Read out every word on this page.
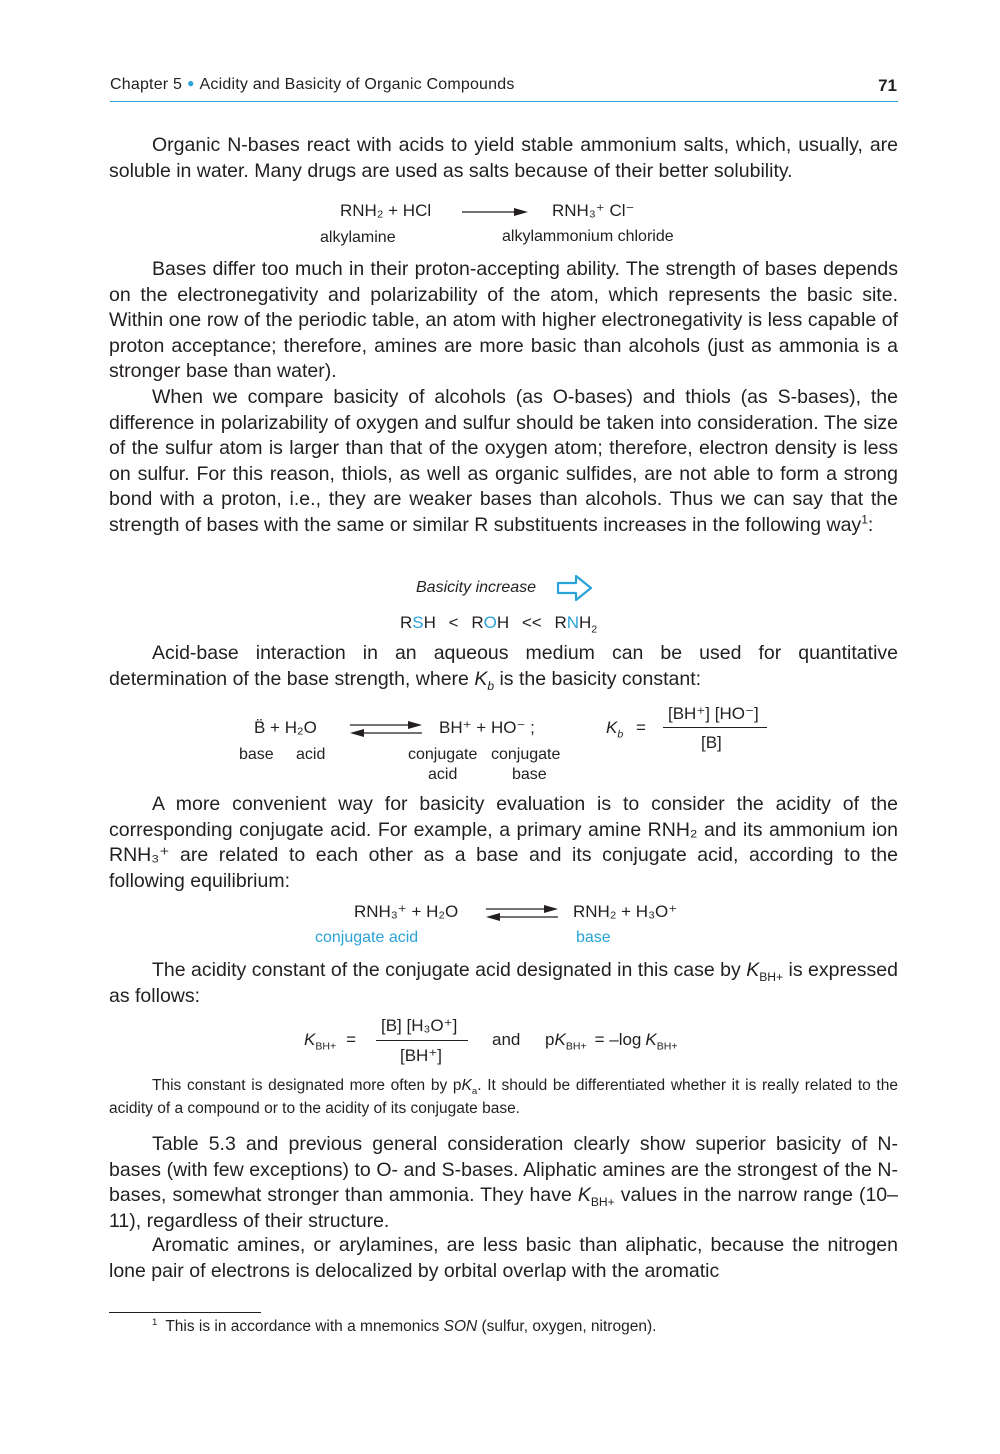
Chapter 5 ● Acidity and Basicity of Organic Compounds	71
Organic N-bases react with acids to yield stable ammonium salts, which, usually, are soluble in water. Many drugs are used as salts because of their better solubility.
RNH₂ + HCl	RNH₃⁺ Cl⁻
alkylamine	alkylammonium chloride
Bases differ too much in their proton-accepting ability. The strength of bases depends on the electronegativity and polarizability of the atom, which represents the basic site. Within one row of the periodic table, an atom with higher electronegativity is less capable of proton acceptance; therefore, amines are more basic than alcohols (just as ammonia is a stronger base than water).
When we compare basicity of alcohols (as O-bases) and thiols (as S-bases), the difference in polarizability of oxygen and sulfur should be taken into consideration. The size of the sulfur atom is larger than that of the oxygen atom; therefore, electron density is less on sulfur. For this reason, thiols, as well as organic sulfides, are not able to form a strong bond with a proton, i.e., they are weaker bases than alcohols. Thus we can say that the strength of bases with the same or similar R substituents increases in the following way$^1$:
Basicity increase
RSH < ROH << $RNH_2$
Acid-base interaction in an aqueous medium can be used for quantitative determination of the base strength, where $K_b$ is the basicity constant:
B̈ + H₂O	BH⁺ + HO⁻ ;	$K_b$ =
[BH⁺] [HO⁻]
[B]
base acid	conjugate
acid
conjugate
base
A more convenient way for basicity evaluation is to consider the acidity of the corresponding conjugate acid. For example, a primary amine RNH₂ and its ammonium ion RNH₃⁺ are related to each other as a base and its conjugate acid, according to the following equilibrium:
RNH₃⁺ + H₂O	RNH₂ + H₃O⁺
conjugate acid	base
The acidity constant of the conjugate acid designated in this case by $K_{BH+}$ is expressed as follows:
$K_{BH+}$ =
[B] [H₃O⁺]
[BH⁺]
and $pK_{BH+} = -\log$ $K_{BH+}$
This constant is designated more often by $pK_a$. It should be differentiated whether it is really related to the acidity of a compound or to the acidity of its conjugate base.
Table 5.3 and previous general consideration clearly show superior basicity of N-bases (with few exceptions) to O- and S-bases. Aliphatic amines are the strongest of the N-bases, somewhat stronger than ammonia. They have $K_{BH+}$ values in the narrow range (10–11), regardless of their structure.
Aromatic amines, or arylamines, are less basic than aliphatic, because the nitrogen lone pair of electrons is delocalized by orbital overlap with the aromatic
$^1$ This is in accordance with a mnemonics SON (sulfur, oxygen, nitrogen).
